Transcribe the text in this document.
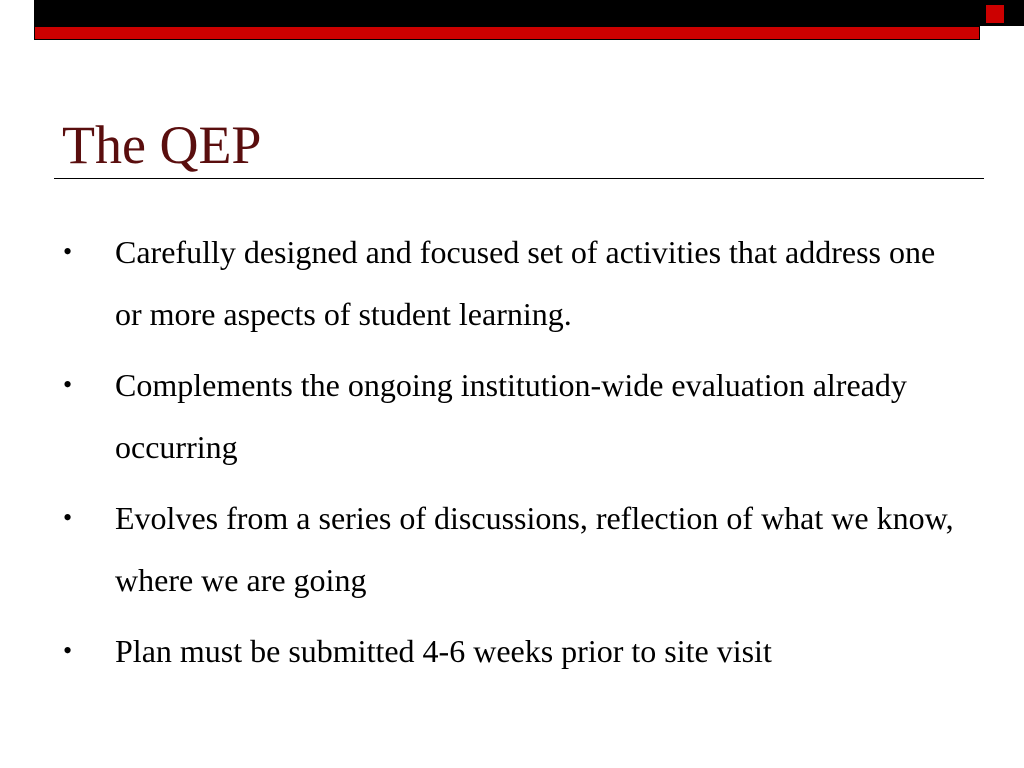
The QEP
• Carefully designed and focused set of activities that address one or more aspects of student learning.
• Complements the ongoing institution-wide evaluation already occurring
• Evolves from a series of discussions, reflection of what we know, where we are going
• Plan must be submitted 4-6 weeks prior to site visit
